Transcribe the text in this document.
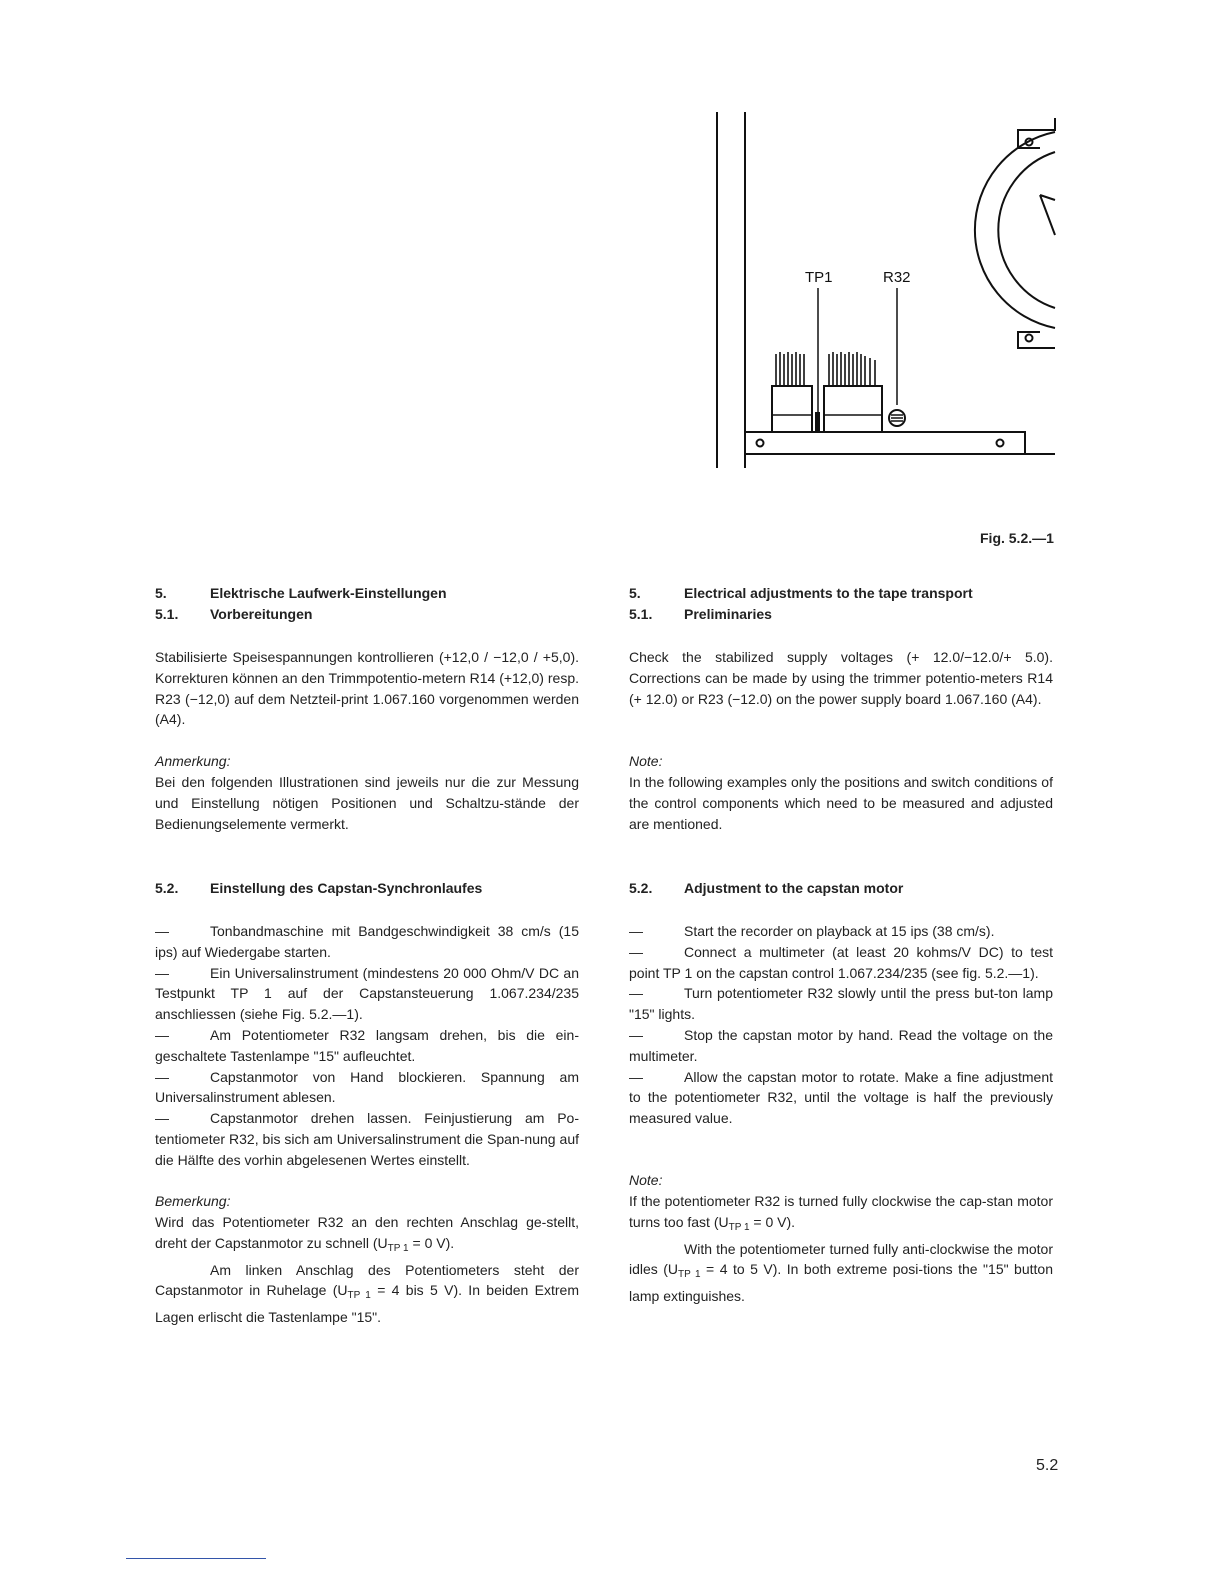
TP1	R32
Fig. 5.2.—1
5.	Elektrische Laufwerk-Einstellungen
5.1.	Vorbereitungen

Stabilisierte Speisespannungen kontrollieren (+12,0 / −12,0 / +5,0). Korrekturen können an den Trimmpotentio-metern R14 (+12,0) resp. R23 (−12,0) auf dem Netzteil-print 1.067.160 vorgenommen werden (A4).

Anmerkung:

Bei den folgenden Illustrationen sind jeweils nur die zur Messung und Einstellung nötigen Positionen und Schaltzu-stände der Bedienungselemente vermerkt.

5.2.	Einstellung des Capstan-Synchronlaufes

—	Tonbandmaschine mit Bandgeschwindigkeit 38 cm/s (15 ips) auf Wiedergabe starten.

—	Ein Universalinstrument (mindestens 20 000 Ohm/V DC an Testpunkt TP 1 auf der Capstansteuerung 1.067.234/235 anschliessen (siehe Fig. 5.2.—1).

—	Am Potentiometer R32 langsam drehen, bis die ein-geschaltete Tastenlampe "15" aufleuchtet.

—	Capstanmotor von Hand blockieren. Spannung am Universalinstrument ablesen.

—	Capstanmotor drehen lassen. Feinjustierung am Po-tentiometer R32, bis sich am Universalinstrument die Span-nung auf die Hälfte des vorhin abgelesenen Wertes einstellt.

Bemerkung:

Wird das Potentiometer R32 an den rechten Anschlag ge-stellt, dreht der Capstanmotor zu schnell ($U_{TP 1} = 0$ V).

Am linken Anschlag des Potentiometers steht der Capstanmotor in Ruhelage ($U_{TP 1} = 4$ bis 5 V). In beiden Extrem Lagen erlischt die Tastenlampe "15".

5.	Electrical adjustments to the tape transport
5.1.	Preliminaries

Check the stabilized supply voltages (+ 12.0/−12.0/+ 5.0). Corrections can be made by using the trimmer potentio-meters R14 (+ 12.0) or R23 (−12.0) on the power supply board 1.067.160 (A4).

Note:

In the following examples only the positions and switch conditions of the control components which need to be measured and adjusted are mentioned.

5.2.	Adjustment to the capstan motor

—	Start the recorder on playback at 15 ips (38 cm/s).

—	Connect a multimeter (at least 20 kohms/V DC) to test point TP 1 on the capstan control 1.067.234/235 (see fig. 5.2.—1).

—	Turn potentiometer R32 slowly until the press but-ton lamp "15" lights.

—	Stop the capstan motor by hand. Read the voltage on the multimeter.

—	Allow the capstan motor to rotate. Make a fine adjustment to the potentiometer R32, until the voltage is half the previously measured value.

Note:

If the potentiometer R32 is turned fully clockwise the cap-stan motor turns too fast ($U_{TP 1} = 0$ V).

With the potentiometer turned fully anti-clockwise the motor idles ($U_{TP 1} = 4$ to 5 V). In both extreme posi-tions the "15" button lamp extinguishes.

5.2
